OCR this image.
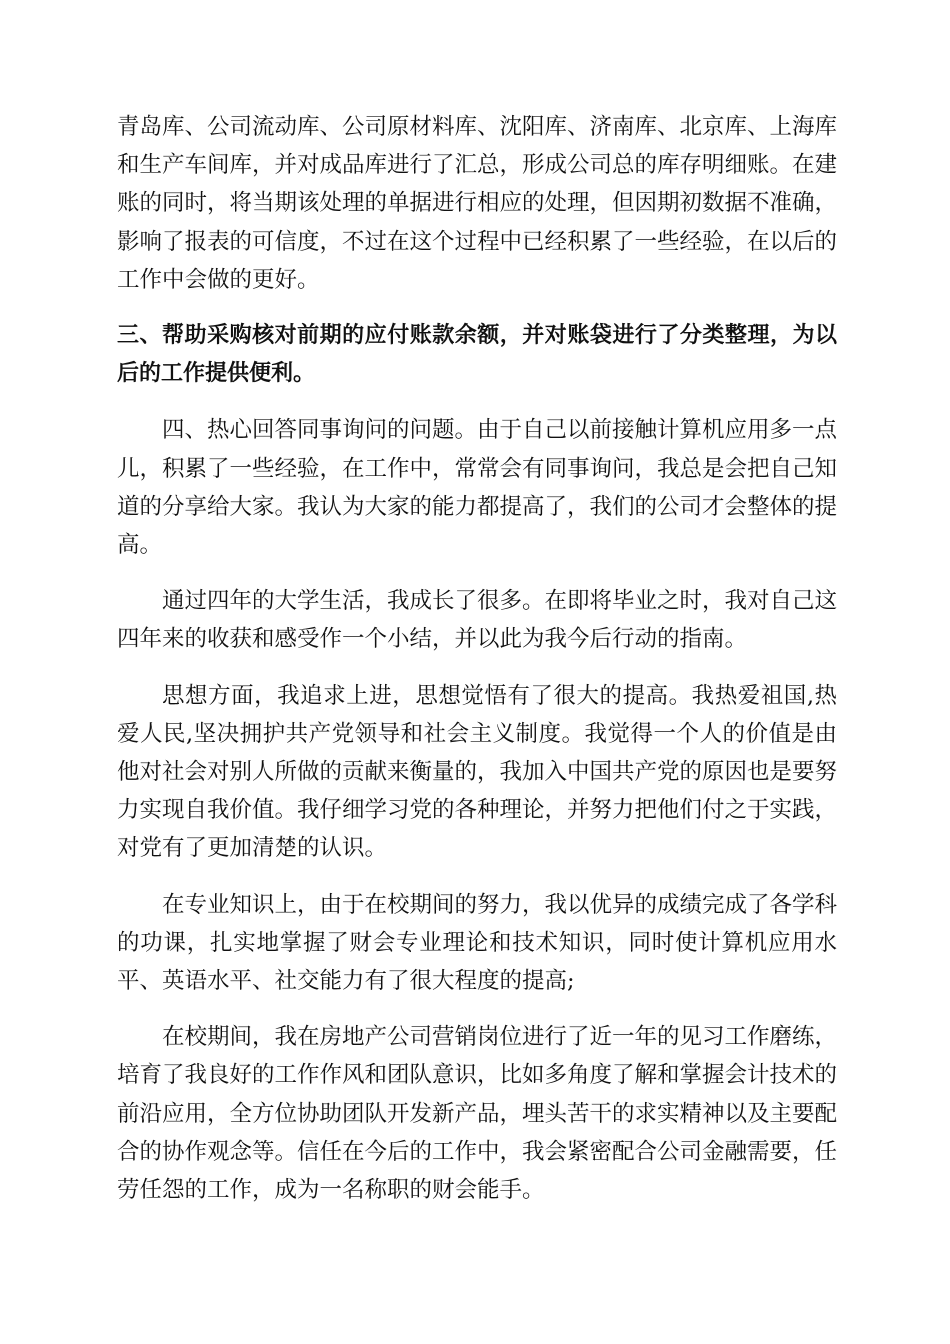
青岛库、公司流动库、公司原材料库、沈阳库、济南库、北京库、上海库和生产车间库，并对成品库进行了汇总，形成公司总的库存明细账。在建账的同时，将当期该处理的单据进行相应的处理，但因期初数据不准确，影响了报表的可信度，不过在这个过程中已经积累了一些经验，在以后的工作中会做的更好。

三、帮助采购核对前期的应付账款余额，并对账袋进行了分类整理，为以后的工作提供便利。

四、热心回答同事询问的问题。由于自己以前接触计算机应用多一点儿，积累了一些经验，在工作中，常常会有同事询问，我总是会把自己知道的分享给大家。我认为大家的能力都提高了，我们的公司才会整体的提高。

通过四年的大学生活，我成长了很多。在即将毕业之时，我对自己这四年来的收获和感受作一个小结，并以此为我今后行动的指南。

思想方面，我追求上进，思想觉悟有了很大的提高。我热爱祖国,热爱人民,坚决拥护共产党领导和社会主义制度。我觉得一个人的价值是由他对社会对别人所做的贡献来衡量的，我加入中国共产党的原因也是要努力实现自我价值。我仔细学习党的各种理论，并努力把他们付之于实践，对党有了更加清楚的认识。

在专业知识上，由于在校期间的努力，我以优异的成绩完成了各学科的功课，扎实地掌握了财会专业理论和技术知识，同时使计算机应用水平、英语水平、社交能力有了很大程度的提高;

在校期间，我在房地产公司营销岗位进行了近一年的见习工作磨练，培育了我良好的工作作风和团队意识，比如多角度了解和掌握会计技术的前沿应用，全方位协助团队开发新产品，埋头苦干的求实精神以及主要配合的协作观念等。信任在今后的工作中，我会紧密配合公司金融需要，任劳任怨的工作，成为一名称职的财会能手。
